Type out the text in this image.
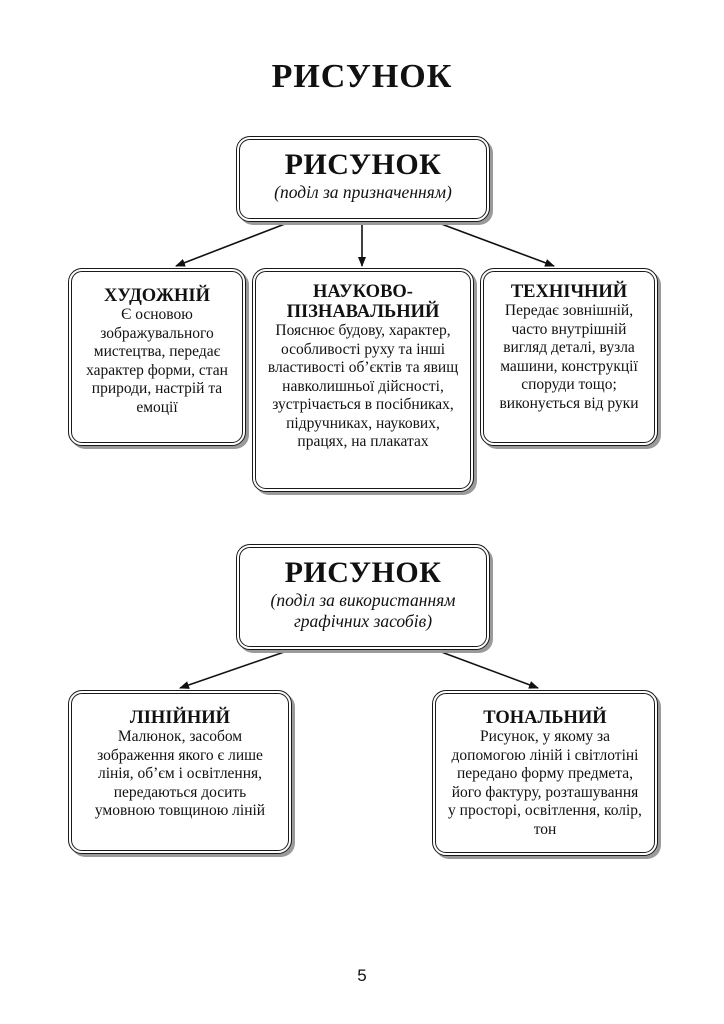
РИСУНОК
РИСУНОК
(поділ за призначенням)
ХУДОЖНІЙ
Є основою зображувального мистецтва, передає характер форми, стан природи, настрій та емоції
НАУКОВО-ПІЗНАВАЛЬНИЙ
Пояснює будову, характер, особливості руху та інші властивості об’єктів та явищ навколишньої дійсності, зустрічається в посібниках, підручниках, наукових, працях, на плакатах
ТЕХНІЧНИЙ
Передає зовнішній, часто внутрішній вигляд деталі, вузла машини, конструкції споруди тощо; виконується від руки
РИСУНОК
(поділ за використанням графічних засобів)
ЛІНІЙНИЙ
Малюнок, засобом зображення якого є лише лінія, об’єм і освітлення, передаються досить умовною товщиною ліній
ТОНАЛЬНИЙ
Рисунок, у якому за допомогою ліній і світлотіні передано форму предмета, його фактуру, розташування у просторі, освітлення, колір, тон
5
